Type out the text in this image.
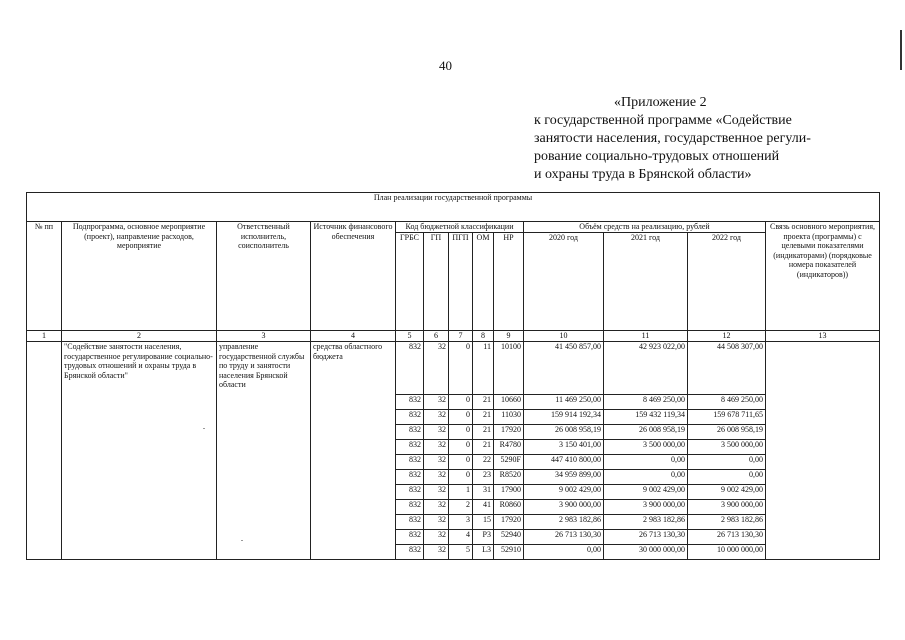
40
«Приложение 2
к государственной программе «Содействие
занятости населения, государственное регули-
рование социально-трудовых отношений
и охраны труда в Брянской области»
План реализации государственной программы												
№ пп	Подпрограмма, основное мероприятие (проект), направление расходов, мероприятие	Ответственный исполнитель, соисполнитель	Источник финансового обеспечения	Код бюджетной классификации					Объём средств на реализацию, рублей			Связь основного мероприятия, проекта (программы) с целевыми показателями (индикаторами) (порядковые номера показателей (индикаторов))
				ГРБС	ГП	ПГП	ОМ	НР	2020 год	2021 год	2022 год	
1	2	3	4	5	6	7	8	9	10	11	12	13
	"Содействие занятости населения, государственное регулирование социально-трудовых отношений и охраны труда в Брянской области"	управление государственной службы по труду и занятости населения Брянской области	средства областного бюджета	832	32	0	11	10100	41 450 857,00	42 923 022,00	44 508 307,00	
				832	32	0	21	10660	11 469 250,00	8 469 250,00	8 469 250,00	
				832	32	0	21	11030	159 914 192,34	159 432 119,34	159 678 711,65	
				832	32	0	21	17920	26 008 958,19	26 008 958,19	26 008 958,19	
				832	32	0	21	R4780	3 150 401,00	3 500 000,00	3 500 000,00	
				832	32	0	22	5290F	447 410 800,00	0,00	0,00	
				832	32	0	23	R8520	34 959 899,00	0,00	0,00	
				832	32	1	31	17900	9 002 429,00	9 002 429,00	9 002 429,00	
				832	32	2	41	R0860	3 900 000,00	3 900 000,00	3 900 000,00	
				832	32	3	15	17920	2 983 182,86	2 983 182,86	2 983 182,86	
				832	32	4	P3	52940	26 713 130,30	26 713 130,30	26 713 130,30	
				832	32	5	L3	52910	0,00	30 000 000,00	10 000 000,00	
